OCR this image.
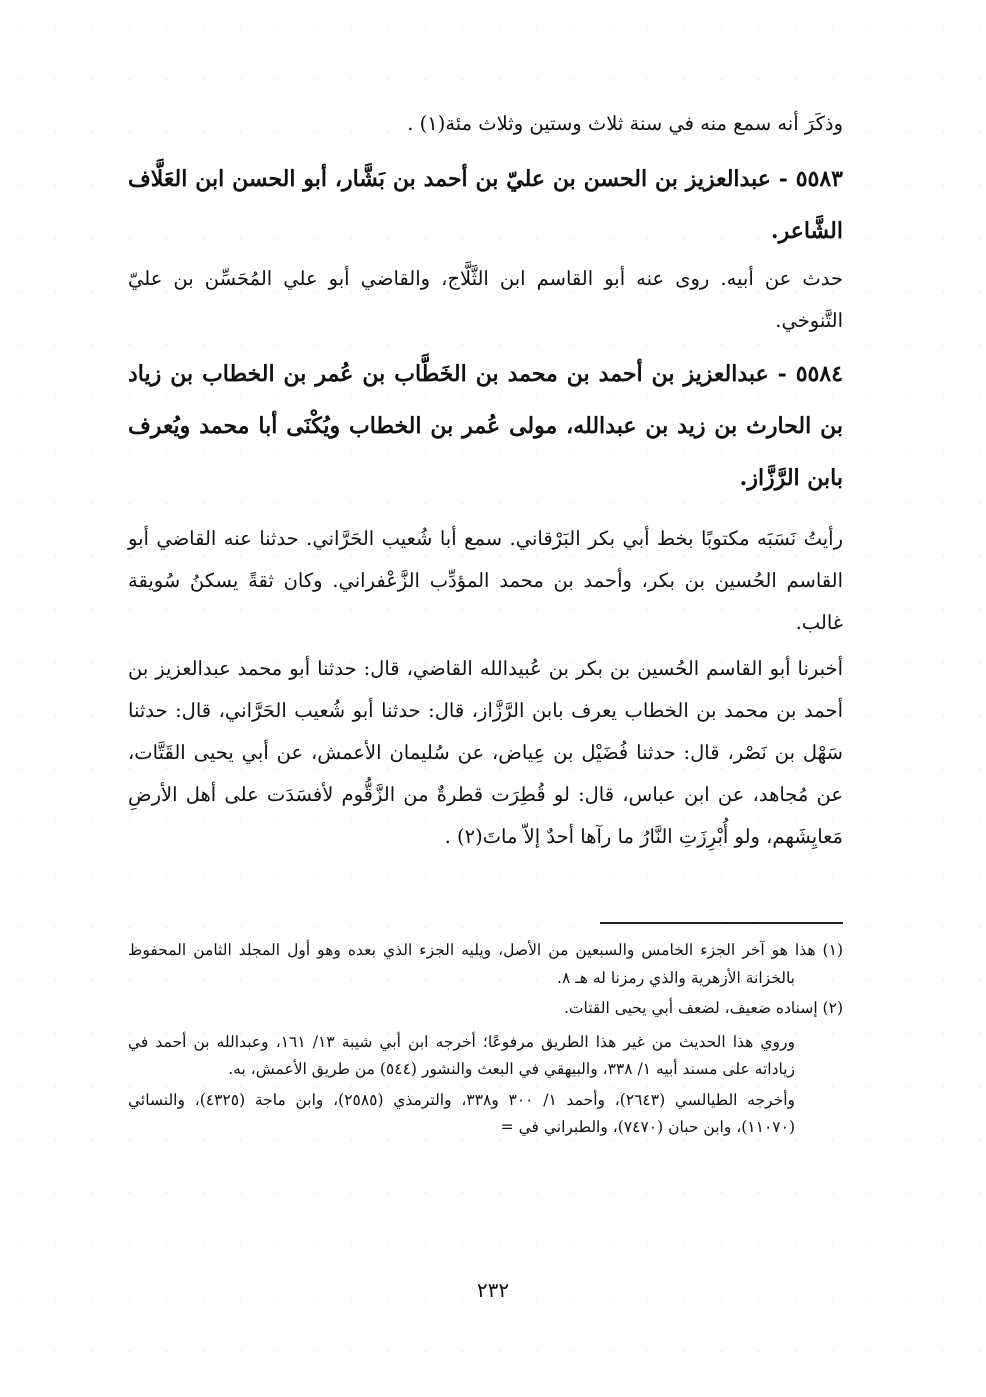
وذكَرَ أنه سمع منه في سنة ثلاث وستين وثلاث مئة(١) .

٥٥٨٣ - عبدالعزيز بن الحسن بن عليّ بن أحمد بن بَشَّار، أبو الحسن ابن العَلَّاف الشَّاعر.

حدث عن أبيه. روى عنه أبو القاسم ابن الثَّلَّاج، والقاضي أبو علي المُحَسِّن بن عليّ التَّنوخي.

٥٥٨٤ - عبدالعزيز بن أحمد بن محمد بن الخَطَّاب بن عُمر بن الخطاب بن زياد بن الحارث بن زيد بن عبدالله، مولى عُمر بن الخطاب ويُكْنَى أبا محمد ويُعرف بابن الرَّزَّاز.

رأيتُ نَسَبَه مكتوبًا بخط أبي بكر البَرْقاني. سمع أبا شُعيب الحَرَّاني. حدثنا عنه القاضي أبو القاسم الحُسين بن بكر، وأحمد بن محمد المؤدِّب الزَّعْفراني. وكان ثقةً يسكنُ سُويقة غالب.

أخبرنا أبو القاسم الحُسين بن بكر بن عُبيدالله القاضي، قال: حدثنا أبو محمد عبدالعزيز بن أحمد بن محمد بن الخطاب يعرف بابن الرَّزَّاز، قال: حدثنا أبو شُعيب الحَرَّاني، قال: حدثنا سَهْل بن نَصْر، قال: حدثنا فُضَيْل بن عِياض، عن سُليمان الأعمش، عن أبي يحيى القَتَّات، عن مُجاهد، عن ابن عباس، قال: لو قُطِرَت قطرةٌ من الزَّقُّوم لأفسَدَت على أهل الأرضِ مَعايِشَهم، ولو أُبْرِزَتِ النَّارُ ما رآها أحدٌ إلاّ ماتَ(٢) .

(١) هذا هو آخر الجزء الخامس والسبعين من الأصل، ويليه الجزء الذي بعده وهو أول المجلد الثامن المحفوظ بالخزانة الأزهرية والذي رمزنا له هـ ٨.

(٢) إسناده ضعيف، لضعف أبي يحيى القتات.

وروي هذا الحديث من غير هذا الطريق مرفوعًا؛ أخرجه ابن أبي شيبة ١٣/ ١٦١، وعبدالله بن أحمد في زياداته على مسند أبيه ١/ ٣٣٨، والبيهقي في البعث والنشور (٥٤٤) من طريق الأعمش، به.

وأخرجه الطيالسي (٢٦٤٣)، وأحمد ١/ ٣٠٠ و٣٣٨، والترمذي (٢٥٨٥)، وابن ماجة (٤٣٢٥)، والنسائي (١١٠٧٠)، وابن حبان (٧٤٧٠)، والطبراني في =

٢٣٢
